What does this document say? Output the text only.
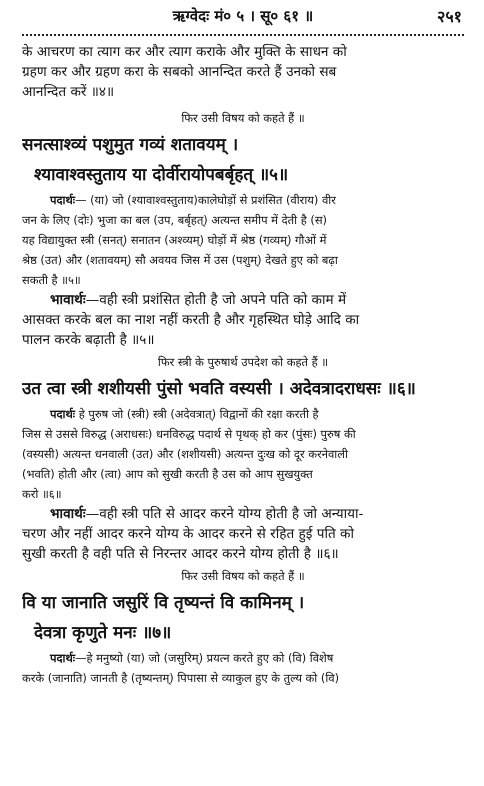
ऋग्वेदः मं० ५ । सू० ६१ ॥	२५१

के आचरण का त्याग कर और त्याग कराके और मुक्ति के साधन को

ग्रहण कर और ग्रहण करा के सबको आनन्दित करते हैं उनको सब

आनन्दित करें ॥४॥

फिर उसी विषय को कहते हैं ॥

सनत्साश्व्यं पशुमुत गव्यं शतावयम् ।

श्यावाश्वस्तुताय या दोर्वीरायोपबर्बृहत् ॥५॥

पदार्थः— (या) जो (श्यावाश्वस्तुताय)कालेघोड़ों से प्रशंसित (वीराय) वीर

जन के लिए (दोः) भुजा का बल (उप, बर्बृहत्) अत्यन्त समीप में देती है (स)

यह विद्यायुक्त स्त्री (सनत्) सनातन (अश्व्यम्) घोड़ों में श्रेष्ठ (गव्यम्) गौओं में

श्रेष्ठ (उत) और (शतावयम्) सौ अवयव जिस में उस (पशुम्) देखते हुए को बढ़ा

सकती है ॥५॥

भावार्थः—वही स्त्री प्रशंसित होती है जो अपने पति को काम में

आसक्त करके बल का नाश नहीं करती है और गृहस्थित घोड़े आदि का

पालन करके बढ़ाती है ॥५॥

फिर स्त्री के पुरुषार्थ उपदेश को कहते हैं ॥

उत त्वा स्त्री शशीयसी पुंसो भवति वस्यसी । अदेवत्रादराधसः ॥६॥

पदार्थः हे पुरुष जो (स्त्री) स्त्री (अदेवत्रात्) विद्वानों की रक्षा करती है

जिस से उससे विरुद्ध (अराधसः) धनविरुद्ध पदार्थ से पृथक् हो कर (पुंसः) पुरुष की

(वस्यसी) अत्यन्त धनवाली (उत) और (शशीयसी) अत्यन्त दुःख को दूर करनेवाली

(भवति) होती और (त्वा) आप को सुखी करती है उस को आप सुखयुक्त

करो ॥६॥

भावार्थः—वही स्त्री पति से आदर करने योग्य होती है जो अन्याया-

चरण और नहीं आदर करने योग्य के आदर करने से रहित हुई पति को

सुखी करती है वही पति से निरन्तर आदर करने योग्य होती है ॥६॥

फिर उसी विषय को कहते हैं ॥

वि या जानाति जसुरिं वि तृष्यन्तं वि कामिनम् ।

देवत्रा कृणुते मनः ॥७॥

पदार्थः—हे मनुष्यो (या) जो (जसुरिम्) प्रयत्न करते हुए को (वि) विशेष

करके (जानाति) जानती है (तृष्यन्तम्) पिपासा से व्याकुल हुए के तुल्य को (वि)
